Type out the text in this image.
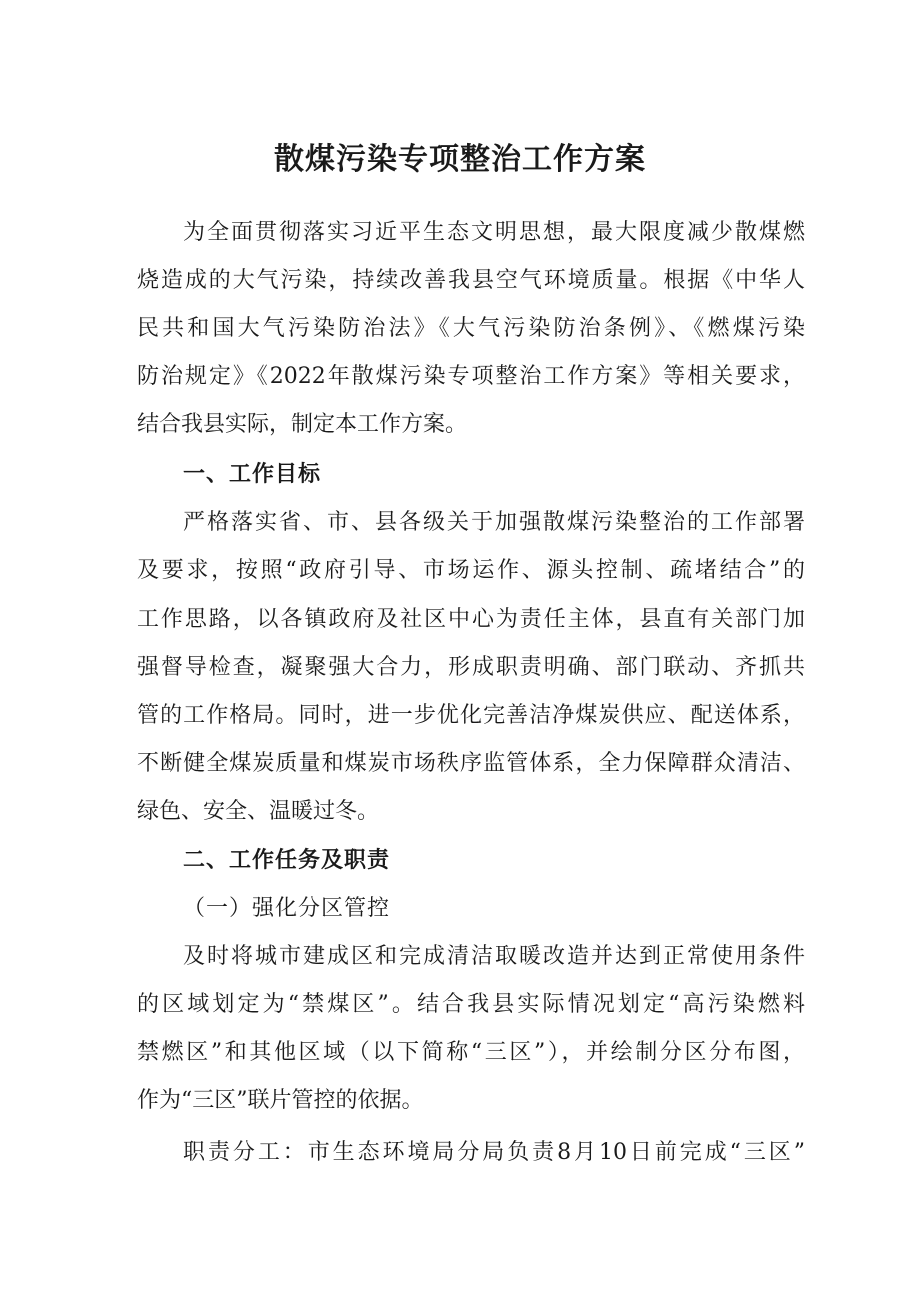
散煤污染专项整治工作方案
为全面贯彻落实习近平生态文明思想，最大限度减少散煤燃
烧造成的大气污染，持续改善我县空气环境质量。根据《中华人
民共和国大气污染防治法》《大气污染防治条例》、《燃煤污染
防治规定》《2022年散煤污染专项整治工作方案》等相关要求，
结合我县实际，制定本工作方案。
一、工作目标
严格落实省、市、县各级关于加强散煤污染整治的工作部署
及要求，按照“政府引导、市场运作、源头控制、疏堵结合”的
工作思路，以各镇政府及社区中心为责任主体，县直有关部门加
强督导检查，凝聚强大合力，形成职责明确、部门联动、齐抓共
管的工作格局。同时，进一步优化完善洁净煤炭供应、配送体系，
不断健全煤炭质量和煤炭市场秩序监管体系，全力保障群众清洁、
绿色、安全、温暖过冬。
二、工作任务及职责
（一）强化分区管控
及时将城市建成区和完成清洁取暖改造并达到正常使用条件
的区域划定为“禁煤区”。结合我县实际情况划定“高污染燃料
禁燃区”和其他区域（以下简称“三区”），并绘制分区分布图，
作为“三区”联片管控的依据。
职责分工：市生态环境局分局负责8月10日前完成“三区”
